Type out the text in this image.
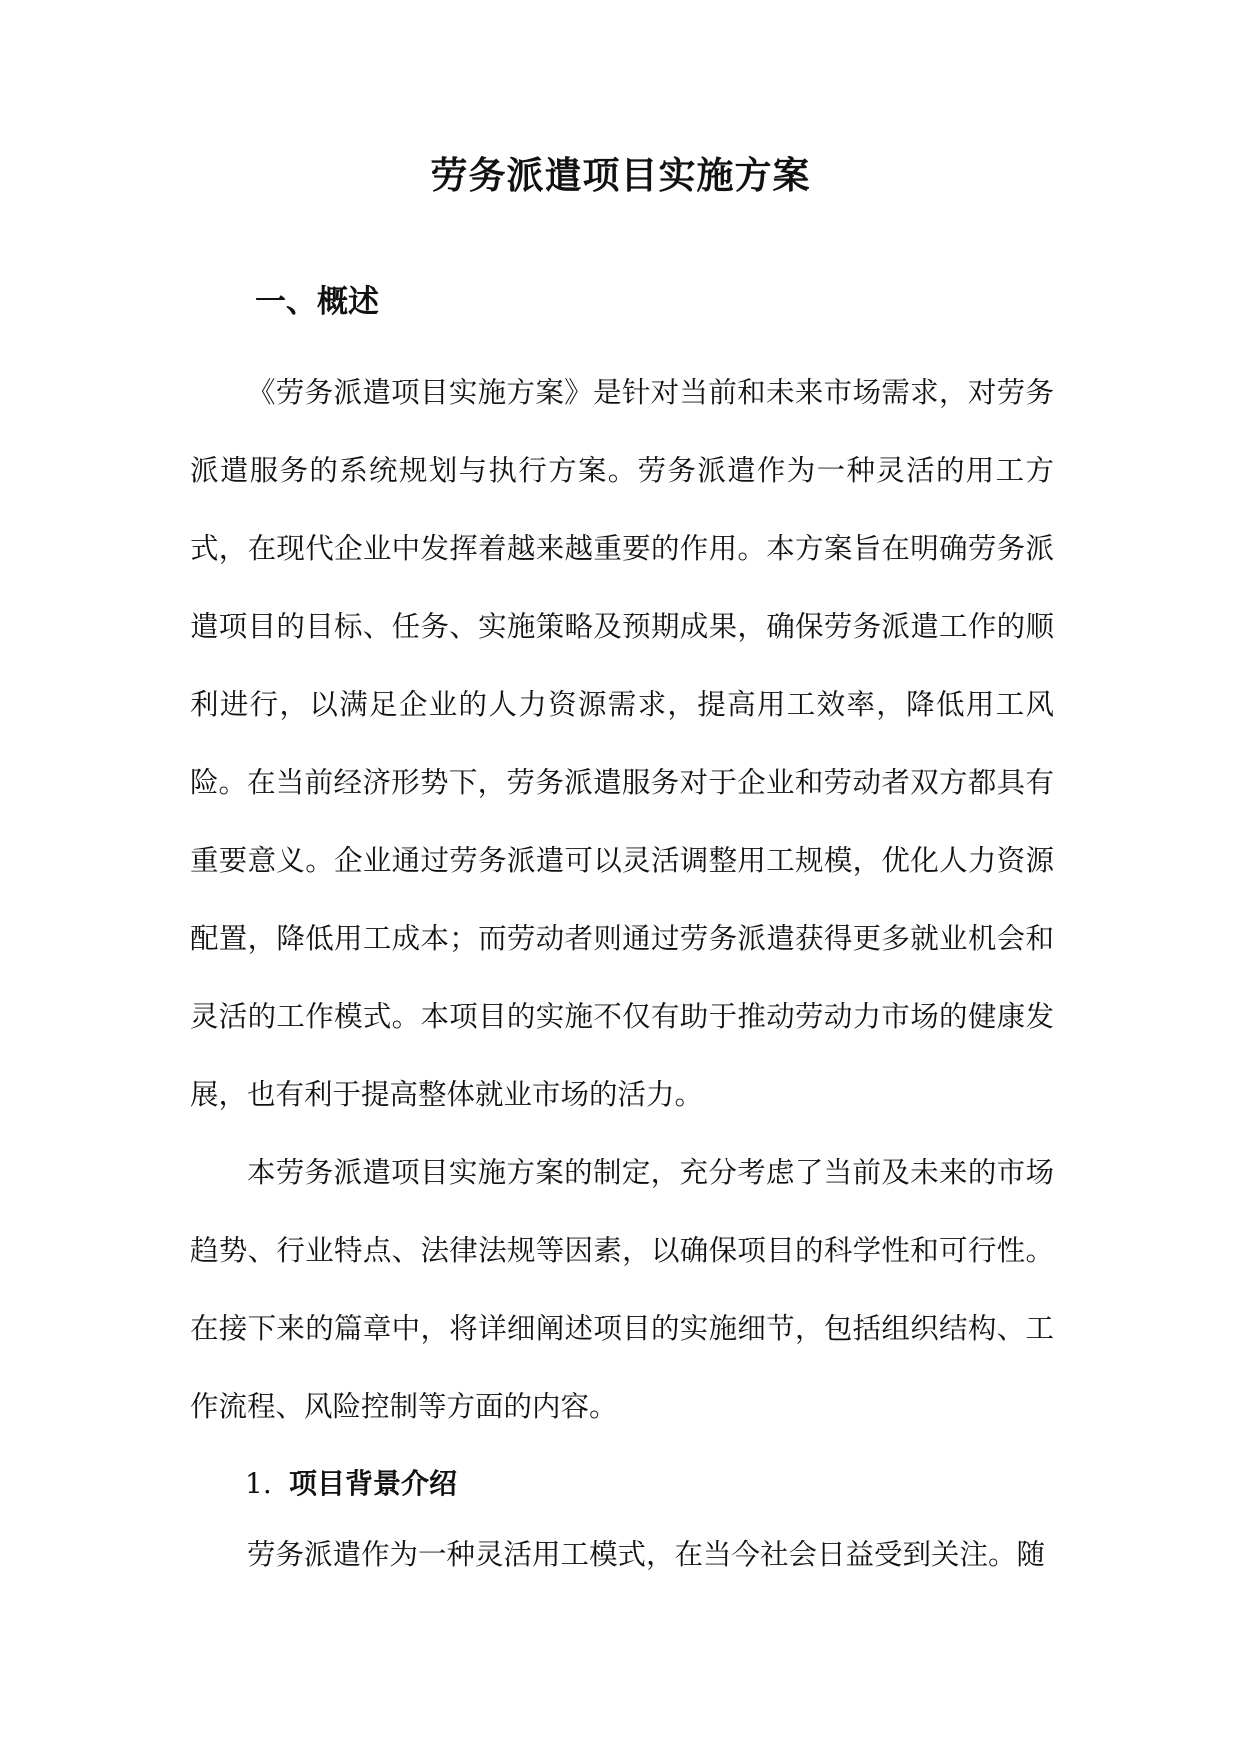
劳务派遣项目实施方案
一、概述

《劳务派遣项目实施方案》是针对当前和未来市场需求，对劳务派遣服务的系统规划与执行方案。劳务派遣作为一种灵活的用工方式，在现代企业中发挥着越来越重要的作用。本方案旨在明确劳务派遣项目的目标、任务、实施策略及预期成果，确保劳务派遣工作的顺利进行，以满足企业的人力资源需求，提高用工效率，降低用工风险。 在当前经济形势下，劳务派遣服务对于企业和劳动者双方都具有重要意义。企业通过劳务派遣可以灵活调整用工规模，优化人力资源配置，降低用工成本；而劳动者则通过劳务派遣获得更多就业机会和灵活的工作模式。本项目的实施不仅有助于推动劳动力市场的健康发展，也有利于提高整体就业市场的活力。

本劳务派遣项目实施方案的制定，充分考虑了当前及未来的市场趋势、行业特点、法律法规等因素，以确保项目的科学性和可行性。在接下来的篇章中，将详细阐述项目的实施细节，包括组织结构、工作流程、风险控制等方面的内容。

1. 项目背景介绍

劳务派遣作为一种灵活用工模式，在当今社会日益受到关注。随
